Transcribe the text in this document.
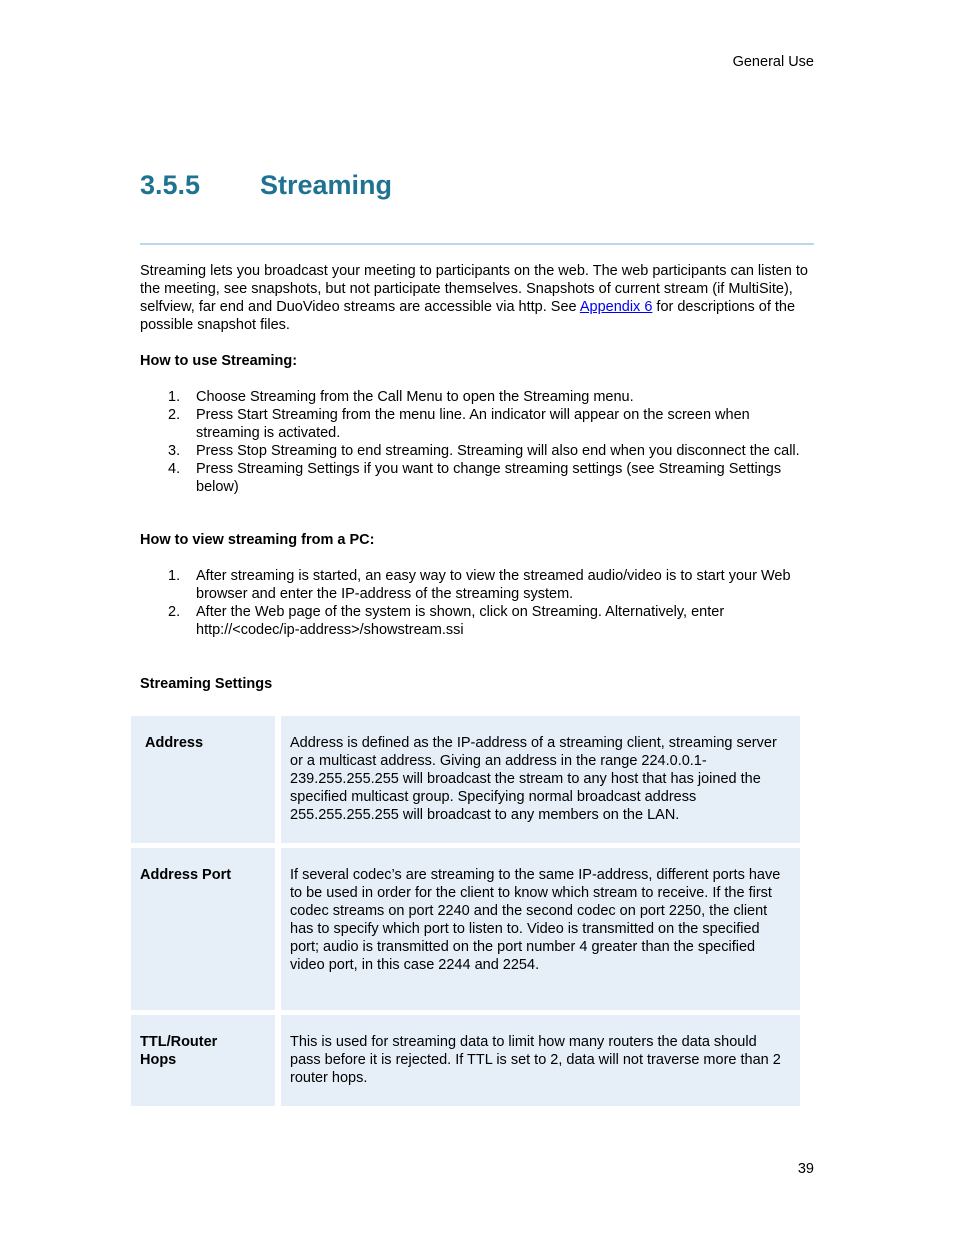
General Use
3.5.5 Streaming
Streaming lets you broadcast your meeting to participants on the web. The web participants can listen to the meeting, see snapshots, but not participate themselves. Snapshots of current stream (if MultiSite), selfview, far end and DuoVideo streams are accessible via http. See Appendix 6 for descriptions of the possible snapshot files.
How to use Streaming:
1. Choose Streaming from the Call Menu to open the Streaming menu.
2. Press Start Streaming from the menu line. An indicator will appear on the screen when streaming is activated.
3. Press Stop Streaming to end streaming. Streaming will also end when you disconnect the call.
4. Press Streaming Settings if you want to change streaming settings (see Streaming Settings below)
How to view streaming from a PC:
1. After streaming is started, an easy way to view the streamed audio/video is to start your Web browser and enter the IP-address of the streaming system.
2. After the Web page of the system is shown, click on Streaming. Alternatively, enter http://<codec/ip-address>/showstream.ssi
Streaming Settings
Address	Address is defined as the IP-address of a streaming client, streaming server or a multicast address. Giving an address in the range 224.0.0.1-239.255.255.255 will broadcast the stream to any host that has joined the specified multicast group. Specifying normal broadcast address 255.255.255.255 will broadcast to any members on the LAN.
Address Port	If several codec’s are streaming to the same IP-address, different ports have to be used in order for the client to know which stream to receive. If the first codec streams on port 2240 and the second codec on port 2250, the client has to specify which port to listen to. Video is transmitted on the specified port; audio is transmitted on the port number 4 greater than the specified video port, in this case 2244 and 2254.
TTL/Router Hops
This is used for streaming data to limit how many routers the data should pass before it is rejected. If TTL is set to 2, data will not traverse more than 2 router hops.
39
